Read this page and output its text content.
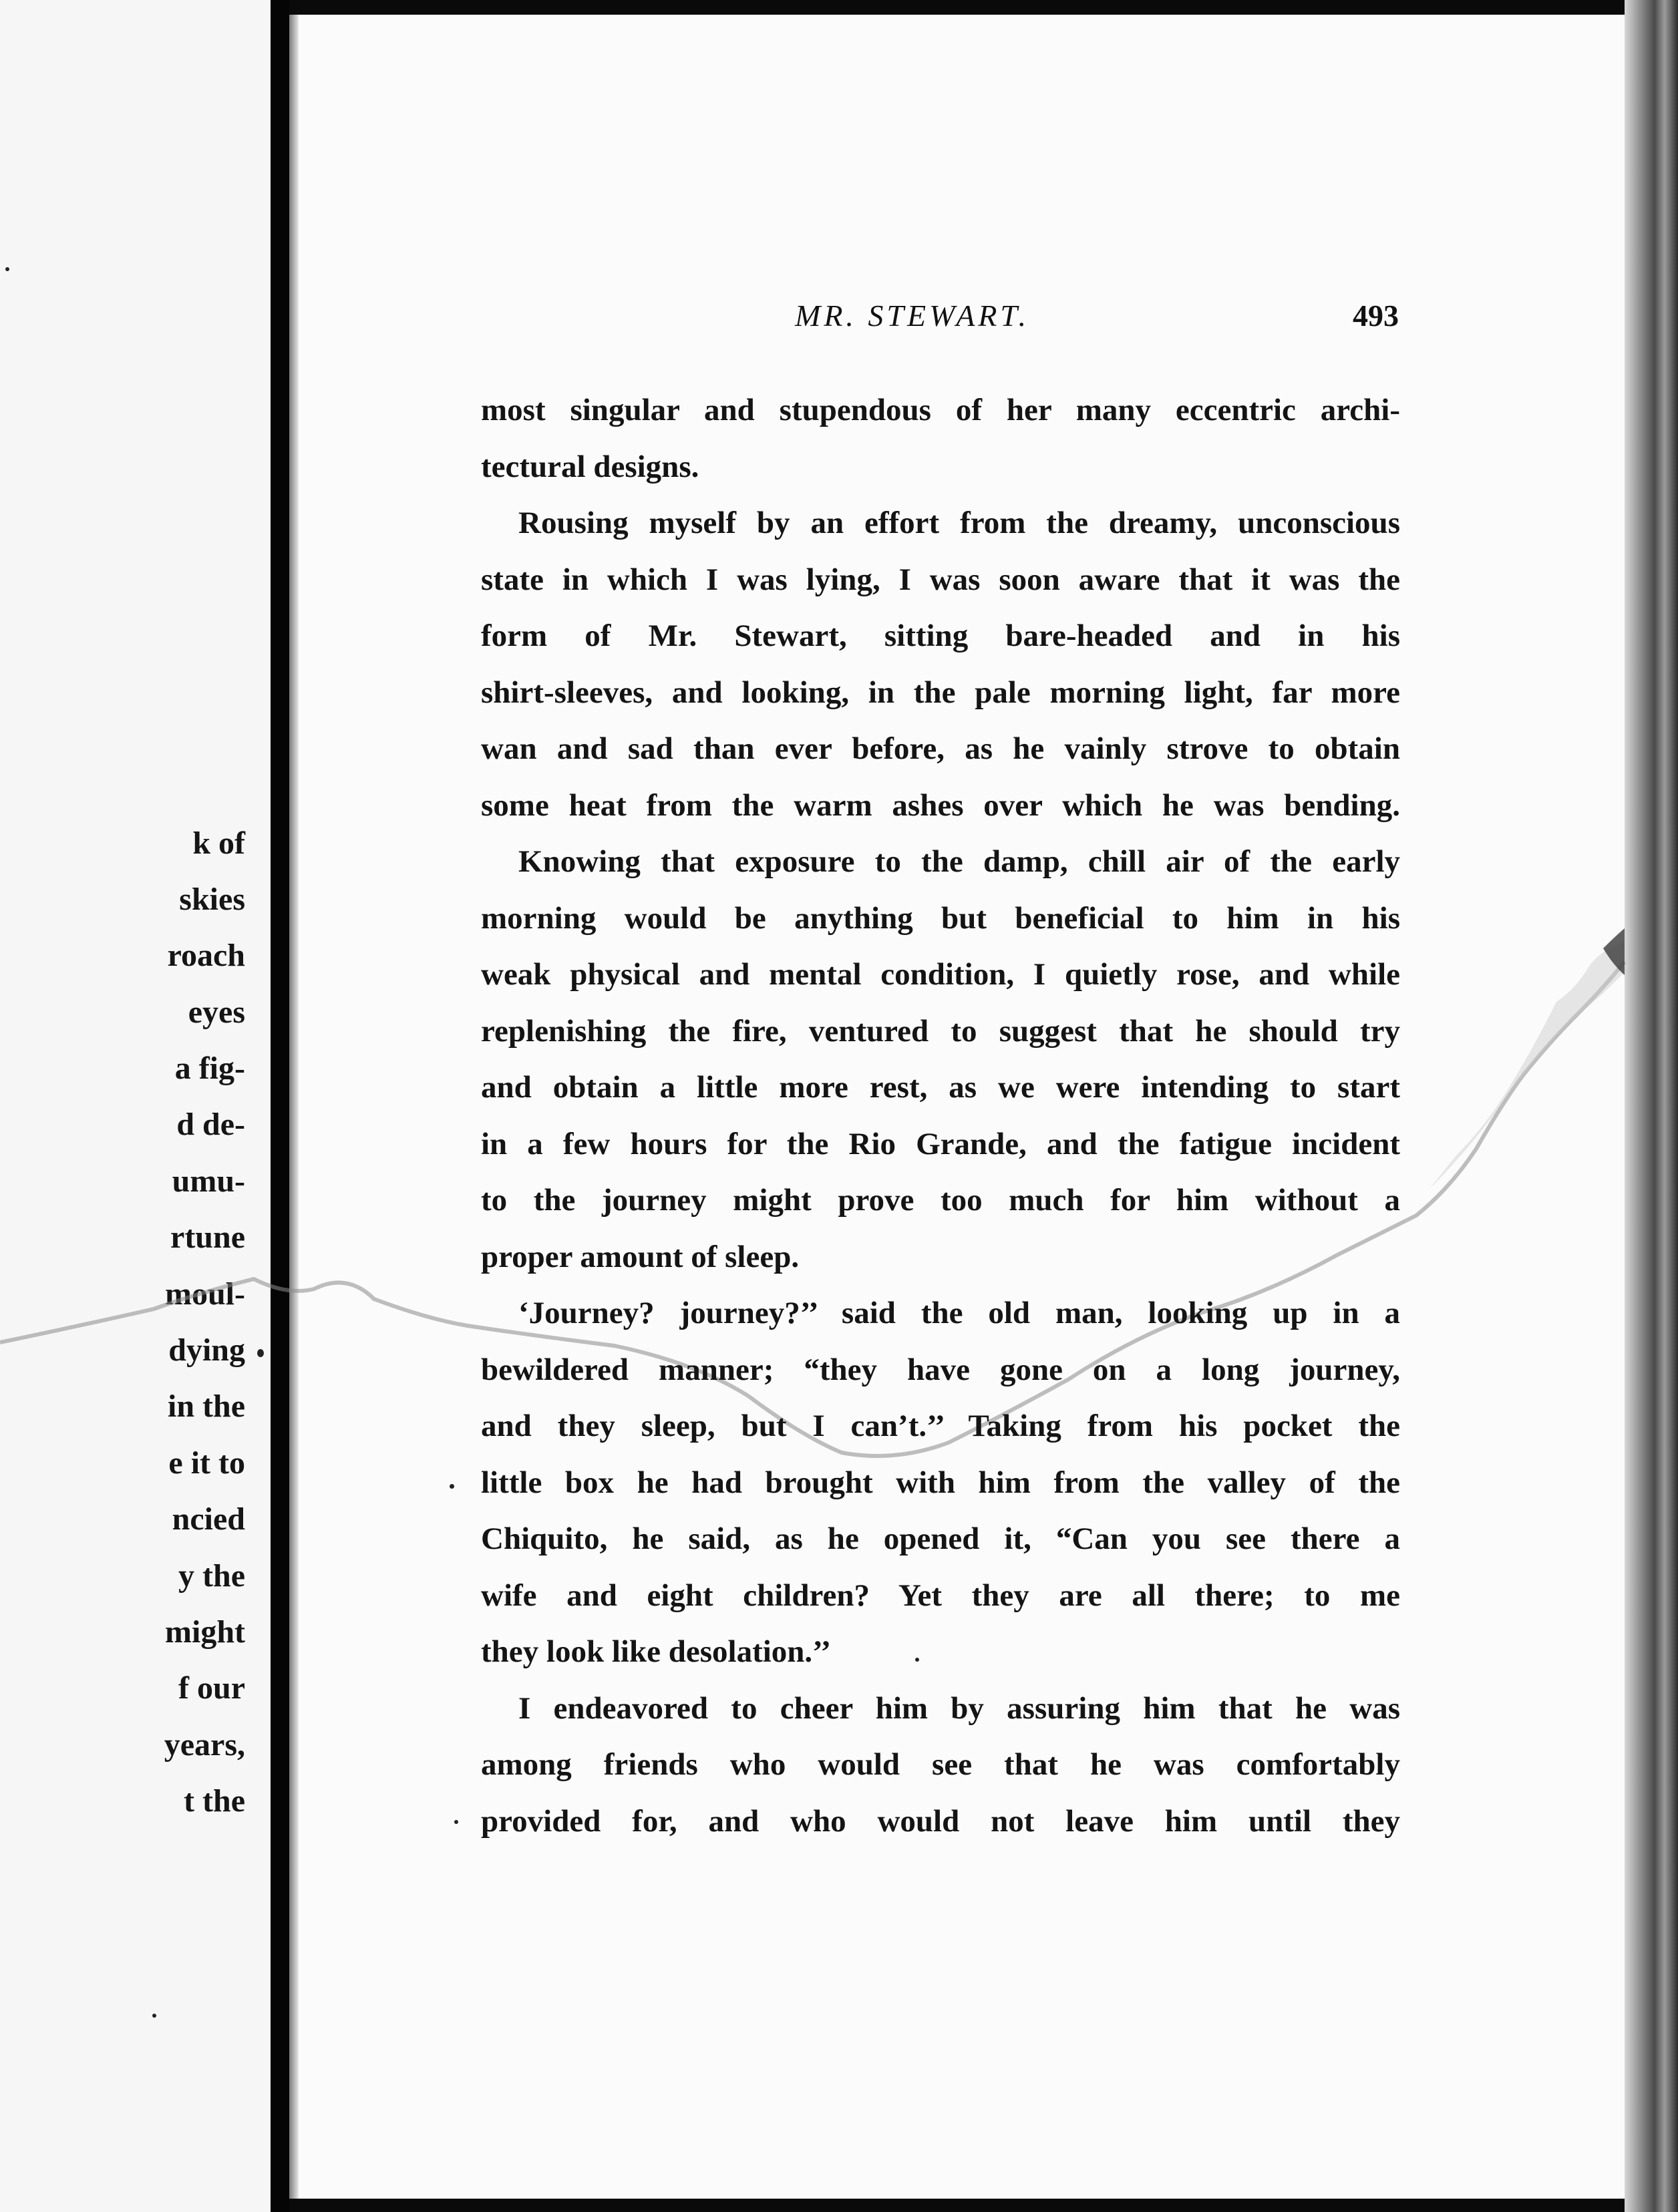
k of
skies
roach
eyes
a fig-
d de-
umu-
rtune
moul-
dying
in the
e it to
ncied
y the
might
f our
years,
t the
MR. STEWART.	493
most singular and stupendous of her many eccentric archi-
tectural designs.
Rousing myself by an effort from the dreamy, unconscious
state in which I was lying, I was soon aware that it was the
form of Mr. Stewart, sitting bare-headed and in his
shirt-sleeves, and looking, in the pale morning light, far more
wan and sad than ever before, as he vainly strove to obtain
some heat from the warm ashes over which he was bending.
Knowing that exposure to the damp, chill air of the early
morning would be anything but beneficial to him in his
weak physical and mental condition, I quietly rose, and while
replenishing the fire, ventured to suggest that he should try
and obtain a little more rest, as we were intending to start
in a few hours for the Rio Grande, and the fatigue incident
to the journey might prove too much for him without a
proper amount of sleep.
‘Journey? journey?’’ said the old man, looking up in a
bewildered manner; “they have gone on a long journey,
and they sleep, but I can’t.’’ Taking from his pocket the
little box he had brought with him from the valley of the
Chiquito, he said, as he opened it, “Can you see there a
wife and eight children? Yet they are all there; to me
they look like desolation.’’
I endeavored to cheer him by assuring him that he was
among friends who would see that he was comfortably
provided for, and who would not leave him until they
